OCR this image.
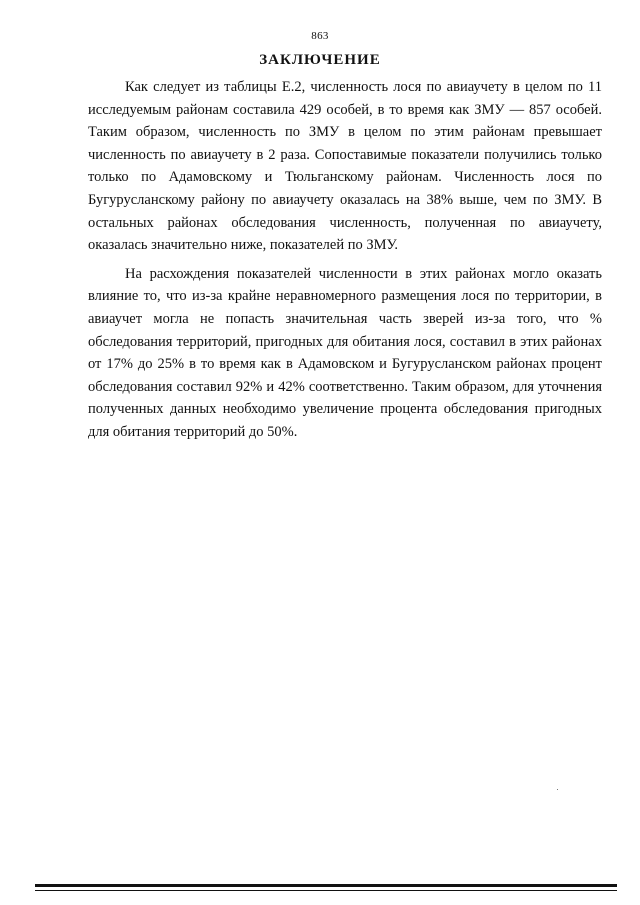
863
ЗАКЛЮЧЕНИЕ

Как следует из таблицы Е.2, численность лося по авиаучету в целом по 11 исследуемым районам составила 429 особей, в то время как ЗМУ — 857 особей. Таким образом, численность по ЗМУ в целом по этим районам превышает численность по авиаучету в 2 раза. Сопоставимые показатели получились только только по Адамовскому и Тюльганскому районам. Численность лося по Бугурусланскому району по авиаучету оказалась на 38% выше, чем по ЗМУ. В остальных районах обследования численность, полученная по авиаучету, оказалась значительно ниже, показателей по ЗМУ.

На расхождения показателей численности в этих районах могло оказать влияние то, что из-за крайне неравномерного размещения лося по территории, в авиаучет могла не попасть значительная часть зверей из-за того, что % обследования территорий, пригодных для обитания лося, составил в этих районах от 17% до 25% в то время как в Адамовском и Бугурусланском районах процент обследования составил 92% и 42% соответственно. Таким образом, для уточнения полученных данных необходимо увеличение процента обследования пригодных для обитания территорий до 50%.
